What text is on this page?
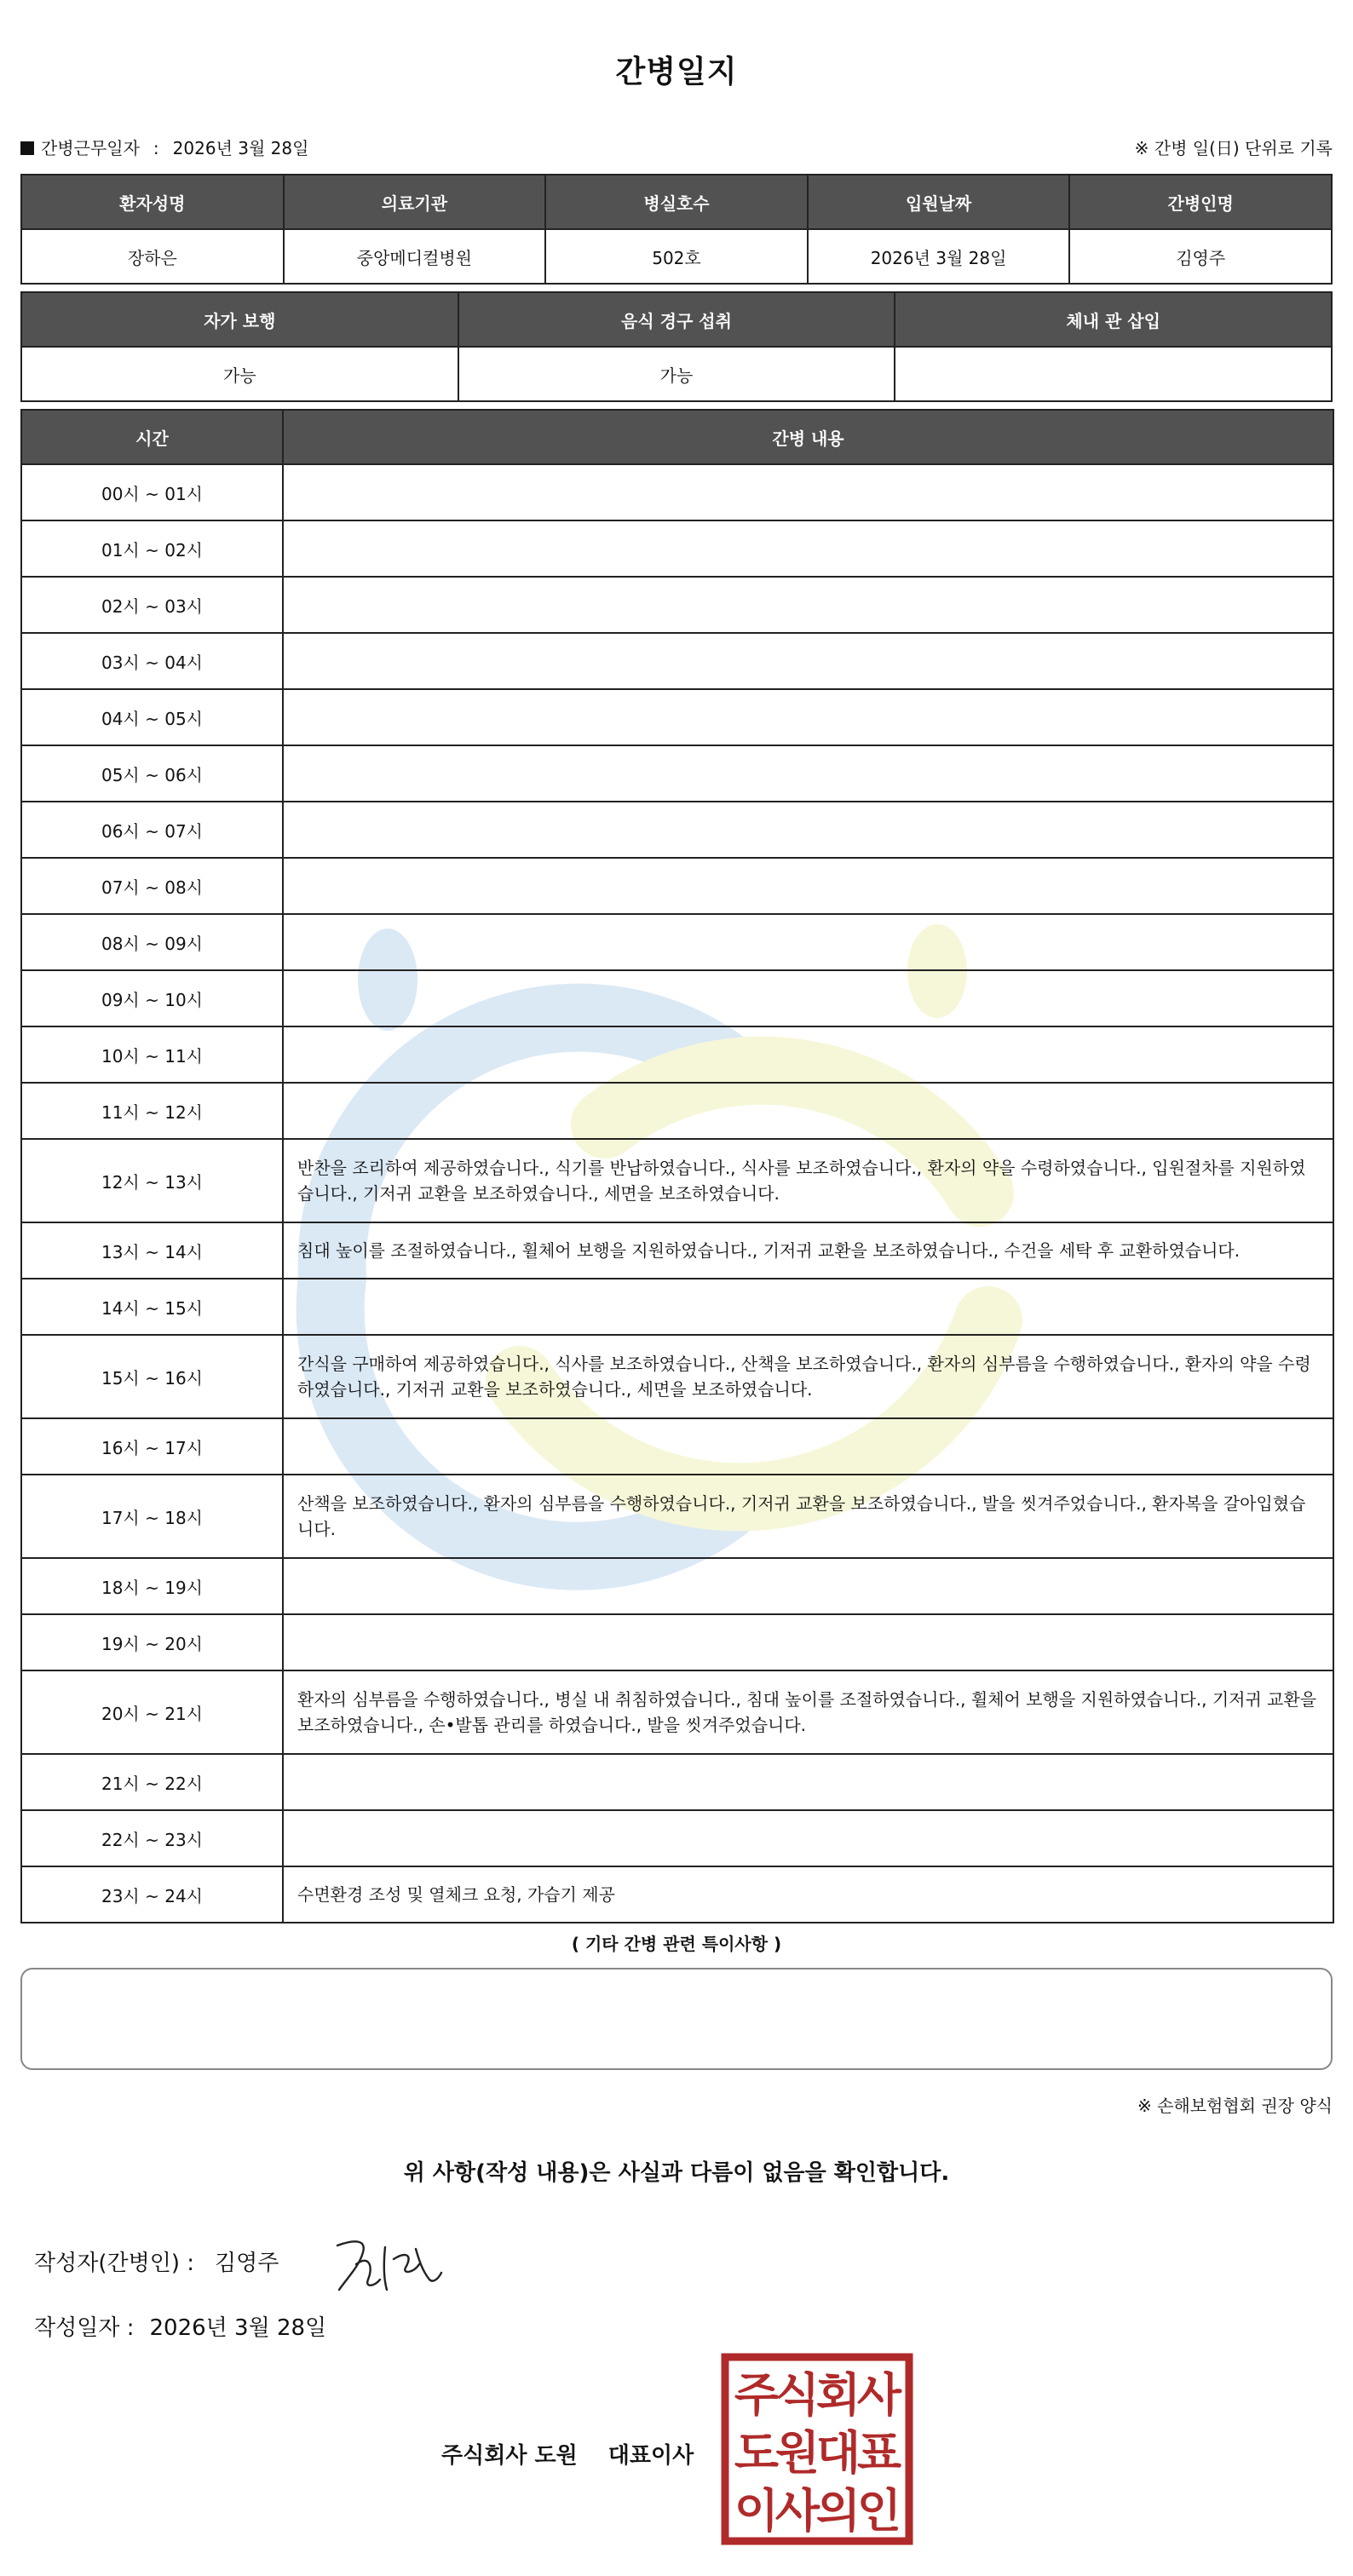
간병일지
간병근무일자 : 2026년 3월 28일	※ 간병 일(日) 단위로 기록
환자성명	의료기관	병실호수	입원날짜	간병인명
장하은	중앙메디컬병원	502호	2026년 3월 28일	김영주
자가 보행	음식 경구 섭취	체내 관 삽입
가능	가능	
시간	간병 내용
00시 ~ 01시	
01시 ~ 02시	
02시 ~ 03시	
03시 ~ 04시	
04시 ~ 05시	
05시 ~ 06시	
06시 ~ 07시	
07시 ~ 08시	
08시 ~ 09시	
09시 ~ 10시	
10시 ~ 11시	
11시 ~ 12시	
12시 ~ 13시	반찬을 조리하여 제공하였습니다., 식기를 반납하였습니다., 식사를 보조하였습니다., 환자의 약을 수령하였습니다., 입원절차를 지원하였습니다., 기저귀 교환을 보조하였습니다., 세면을 보조하였습니다.
13시 ~ 14시	침대 높이를 조절하였습니다., 휠체어 보행을 지원하였습니다., 기저귀 교환을 보조하였습니다., 수건을 세탁 후 교환하였습니다.
14시 ~ 15시	
15시 ~ 16시	간식을 구매하여 제공하였습니다., 식사를 보조하였습니다., 산책을 보조하였습니다., 환자의 심부름을 수행하였습니다., 환자의 약을 수령하였습니다., 기저귀 교환을 보조하였습니다., 세면을 보조하였습니다.
16시 ~ 17시	
17시 ~ 18시	산책을 보조하였습니다., 환자의 심부름을 수행하였습니다., 기저귀 교환을 보조하였습니다., 발을 씻겨주었습니다., 환자복을 갈아입혔습니다.
18시 ~ 19시	
19시 ~ 20시	
20시 ~ 21시	환자의 심부름을 수행하였습니다., 병실 내 취침하였습니다., 침대 높이를 조절하였습니다., 휠체어 보행을 지원하였습니다., 기저귀 교환을 보조하였습니다., 손•발톱 관리를 하였습니다., 발을 씻겨주었습니다.
21시 ~ 22시	
22시 ~ 23시	
23시 ~ 24시	수면환경 조성 및 열체크 요청, 가습기 제공
( 기타 간병 관련 특이사항 )
※ 손해보험협회 권장 양식
위 사항(작성 내용)은 사실과 다름이 없음을 확인합니다.
작성자(간병인) : 김영주
작성일자 : 2026년 3월 28일
주식회사 도원 대표이사
주
식
회
사
도
원
대
표
이
사
의
인
